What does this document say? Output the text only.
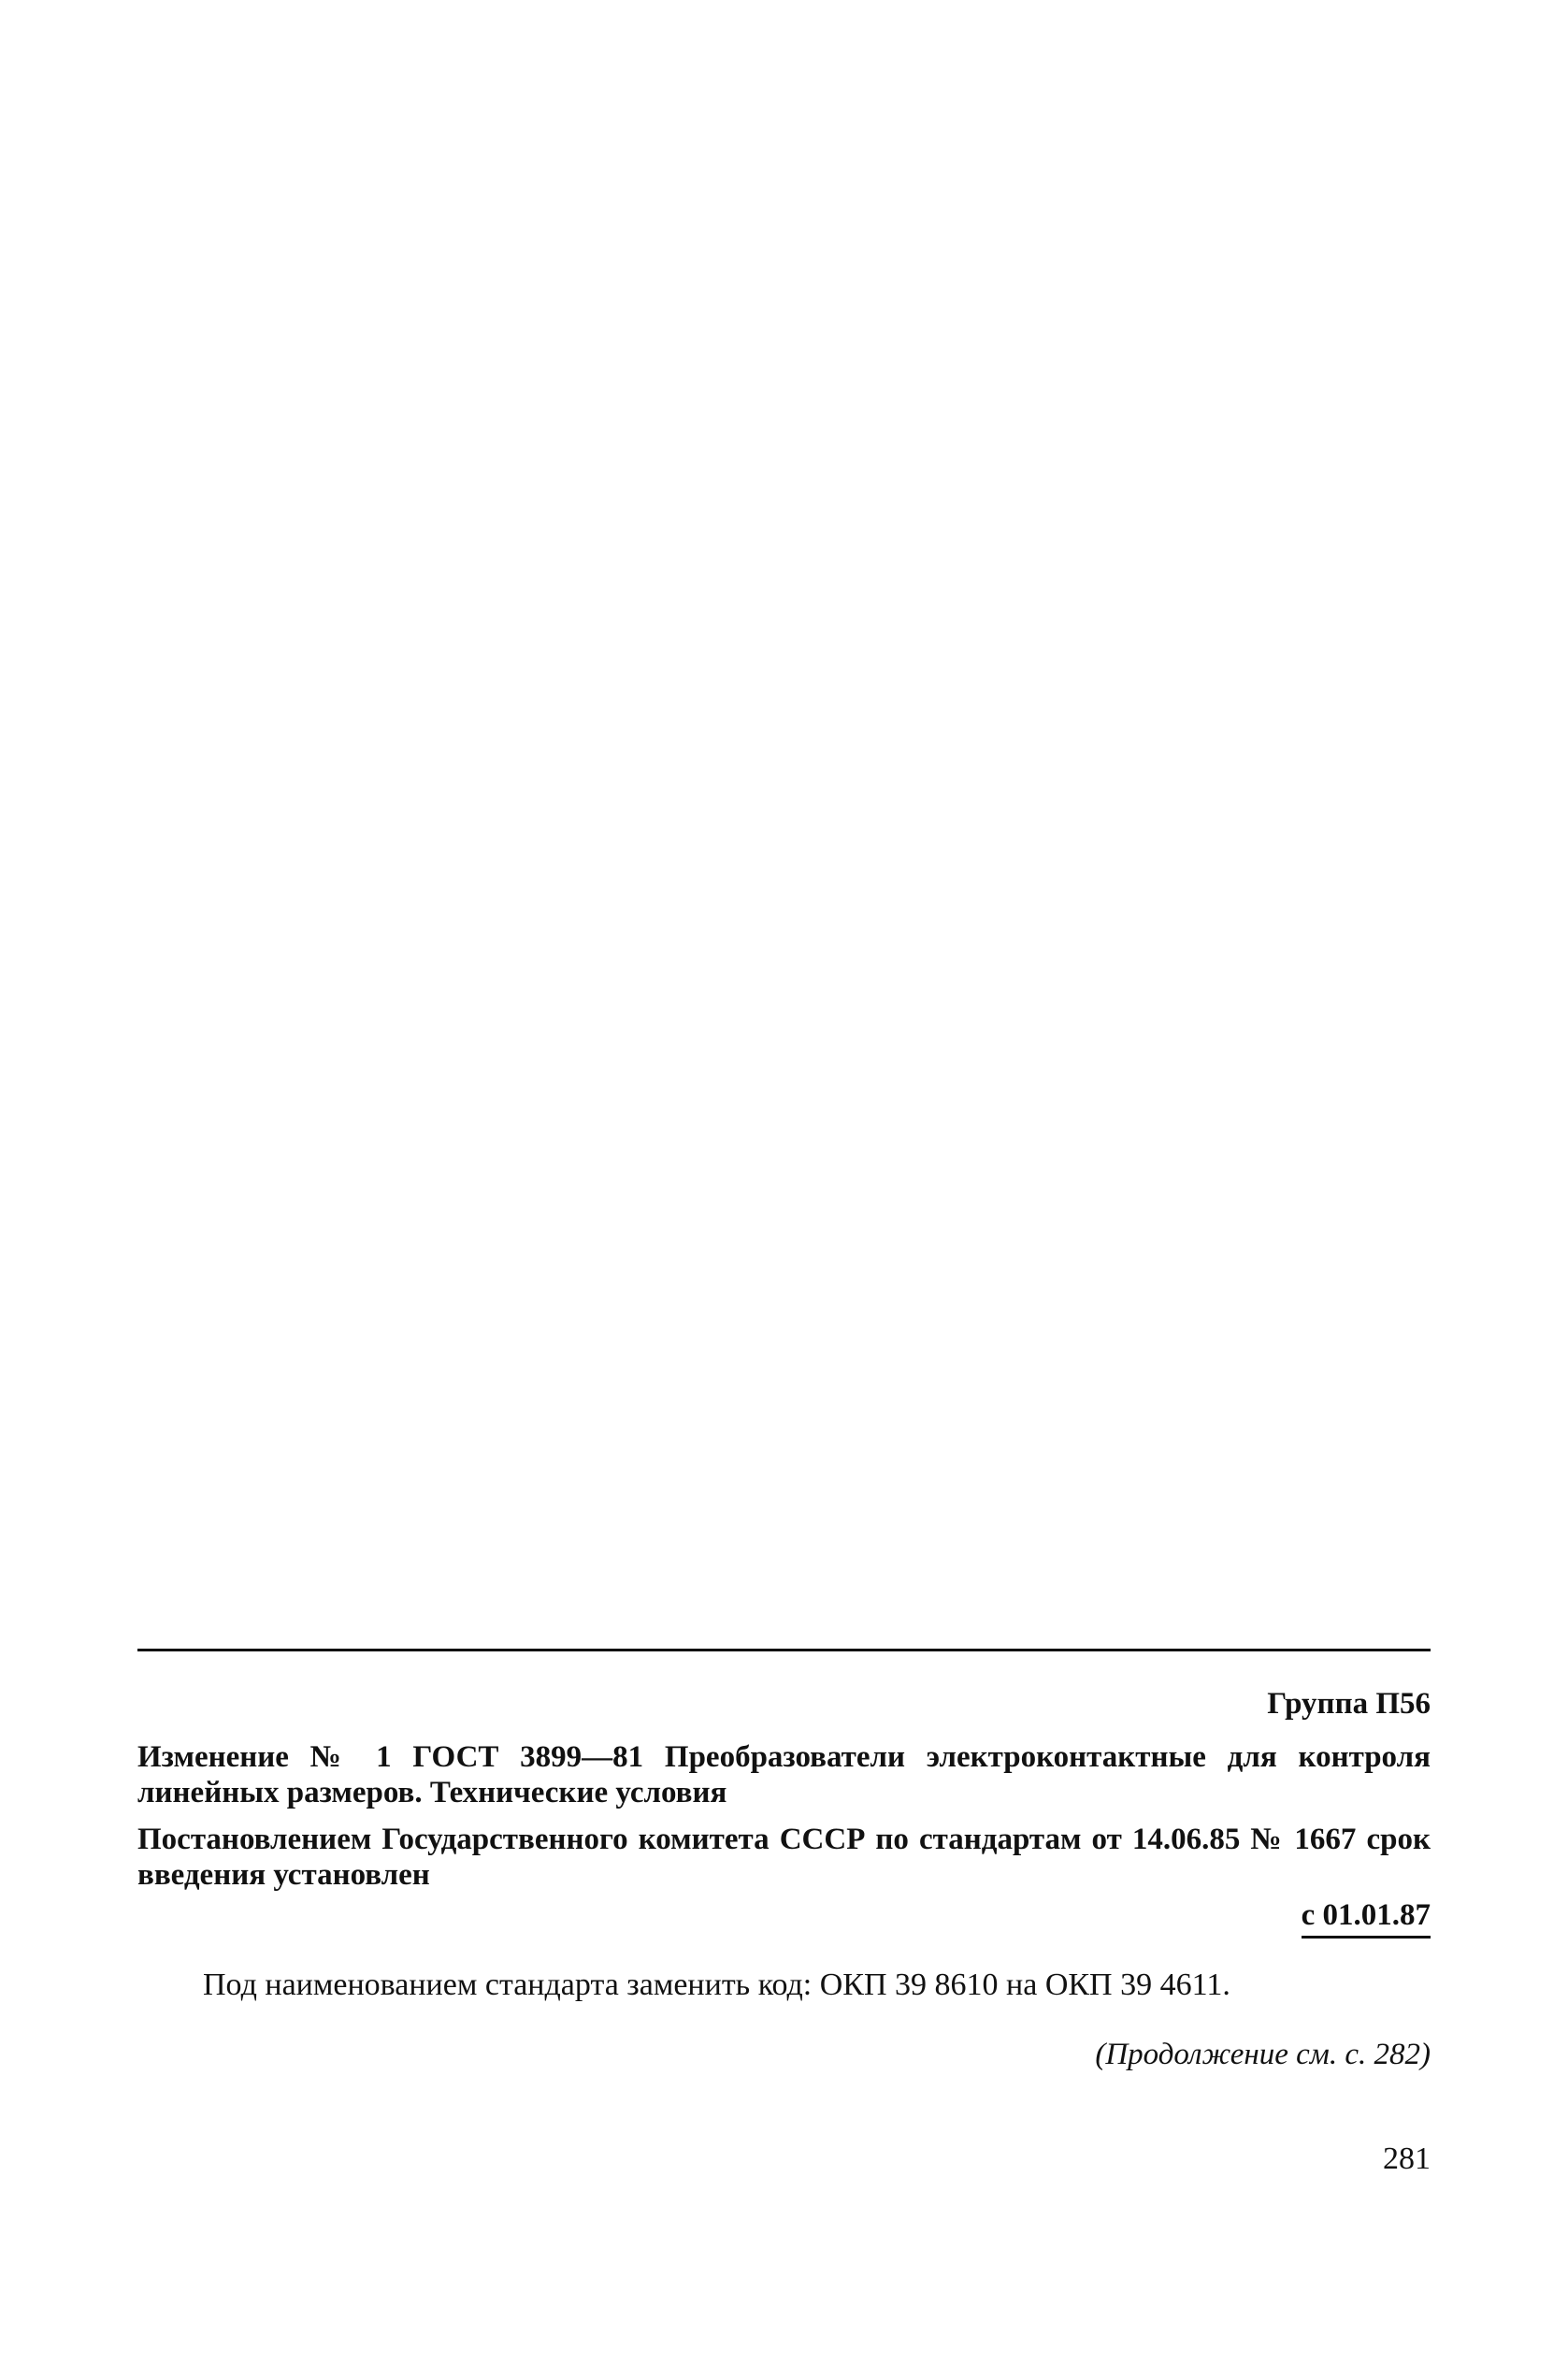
Группа П56
Изменение № 1 ГОСТ 3899—81 Преобразователи электроконтактные для контроля линейных размеров. Технические условия
Постановлением Государственного комитета СССР по стандартам от 14.06.85 № 1667 срок введения установлен
с 01.01.87
Под наименованием стандарта заменить код: ОКП 39 8610 на ОКП 39 4611.
(Продолжение см. с. 282)
281
